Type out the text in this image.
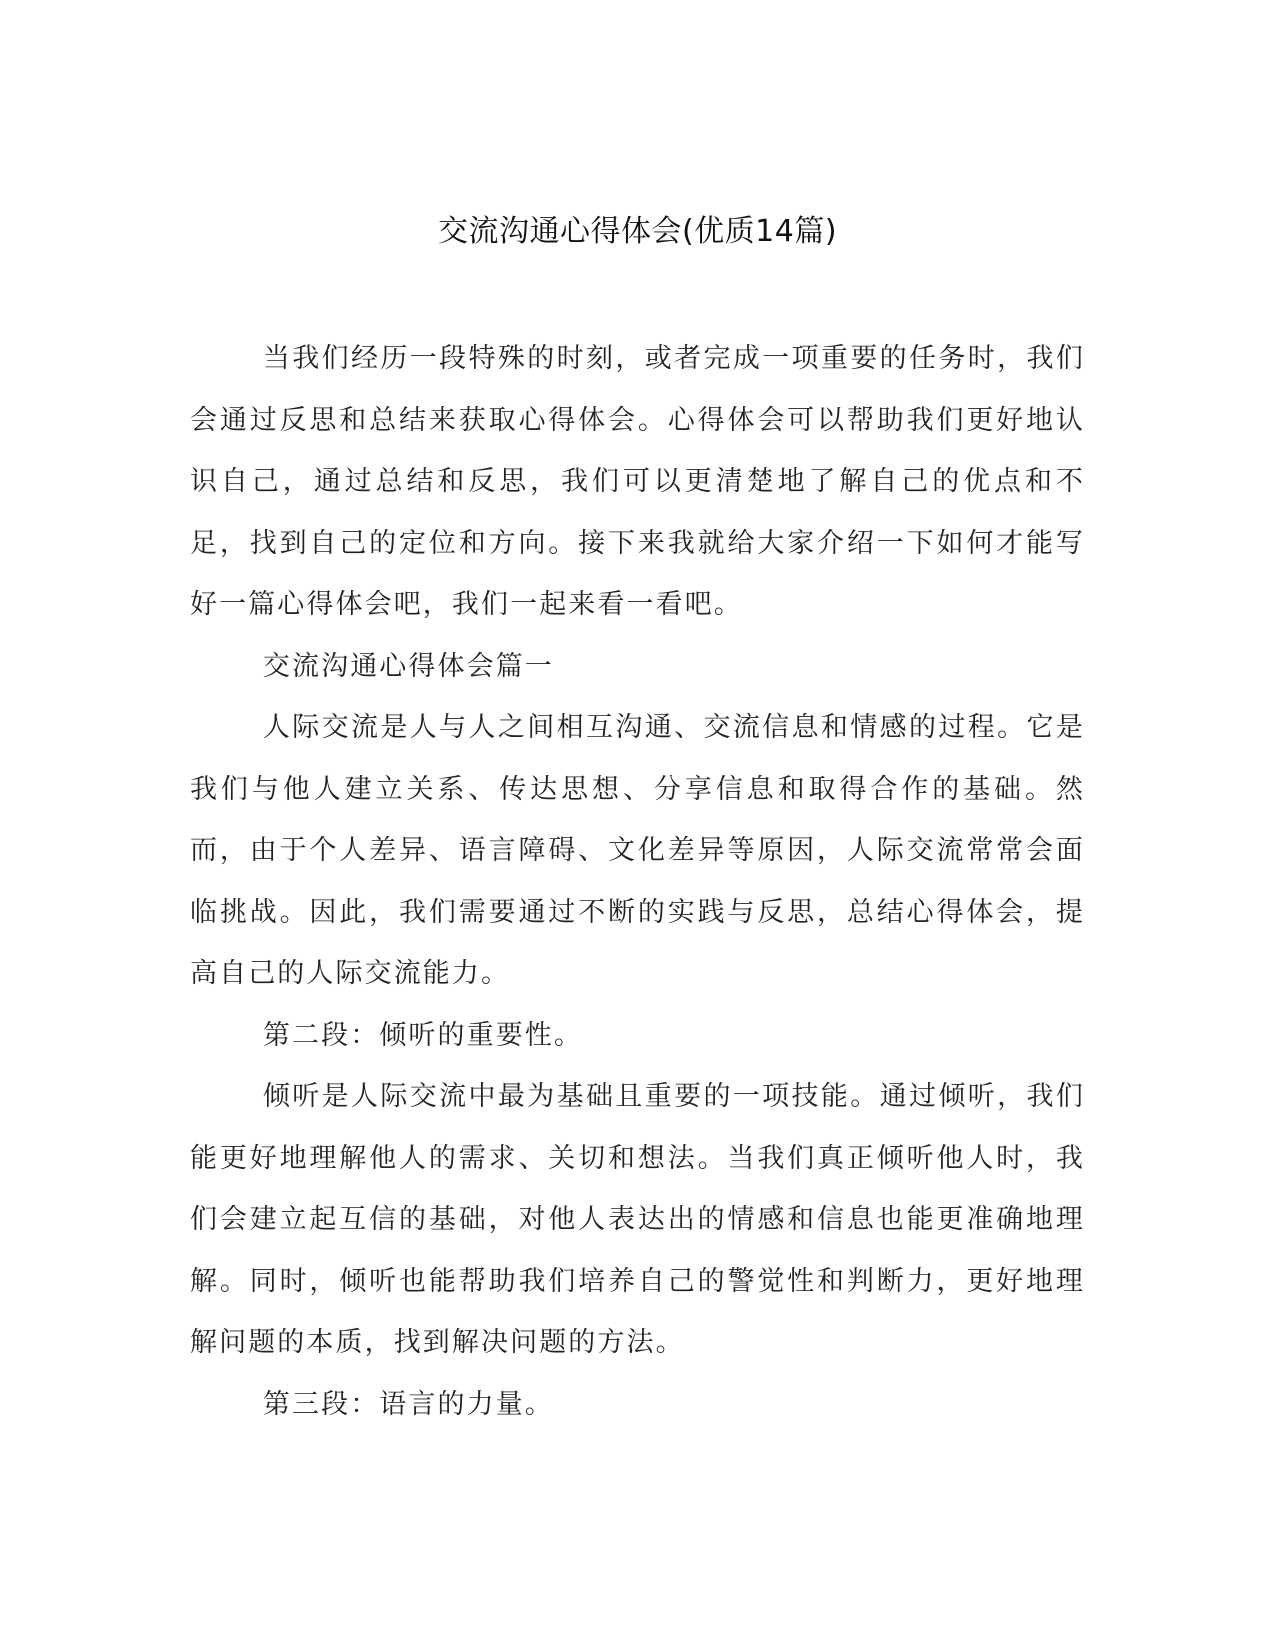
交流沟通心得体会(优质14篇)

当我们经历一段特殊的时刻，或者完成一项重要的任务时，我们会通过反思和总结来获取心得体会。心得体会可以帮助我们更好地认识自己，通过总结和反思，我们可以更清楚地了解自己的优点和不足，找到自己的定位和方向。接下来我就给大家介绍一下如何才能写好一篇心得体会吧，我们一起来看一看吧。

交流沟通心得体会篇一

人际交流是人与人之间相互沟通、交流信息和情感的过程。它是我们与他人建立关系、传达思想、分享信息和取得合作的基础。然而，由于个人差异、语言障碍、文化差异等原因，人际交流常常会面临挑战。因此，我们需要通过不断的实践与反思，总结心得体会，提高自己的人际交流能力。

第二段：倾听的重要性。

倾听是人际交流中最为基础且重要的一项技能。通过倾听，我们能更好地理解他人的需求、关切和想法。当我们真正倾听他人时，我们会建立起互信的基础，对他人表达出的情感和信息也能更准确地理解。同时，倾听也能帮助我们培养自己的警觉性和判断力，更好地理解问题的本质，找到解决问题的方法。

第三段：语言的力量。
